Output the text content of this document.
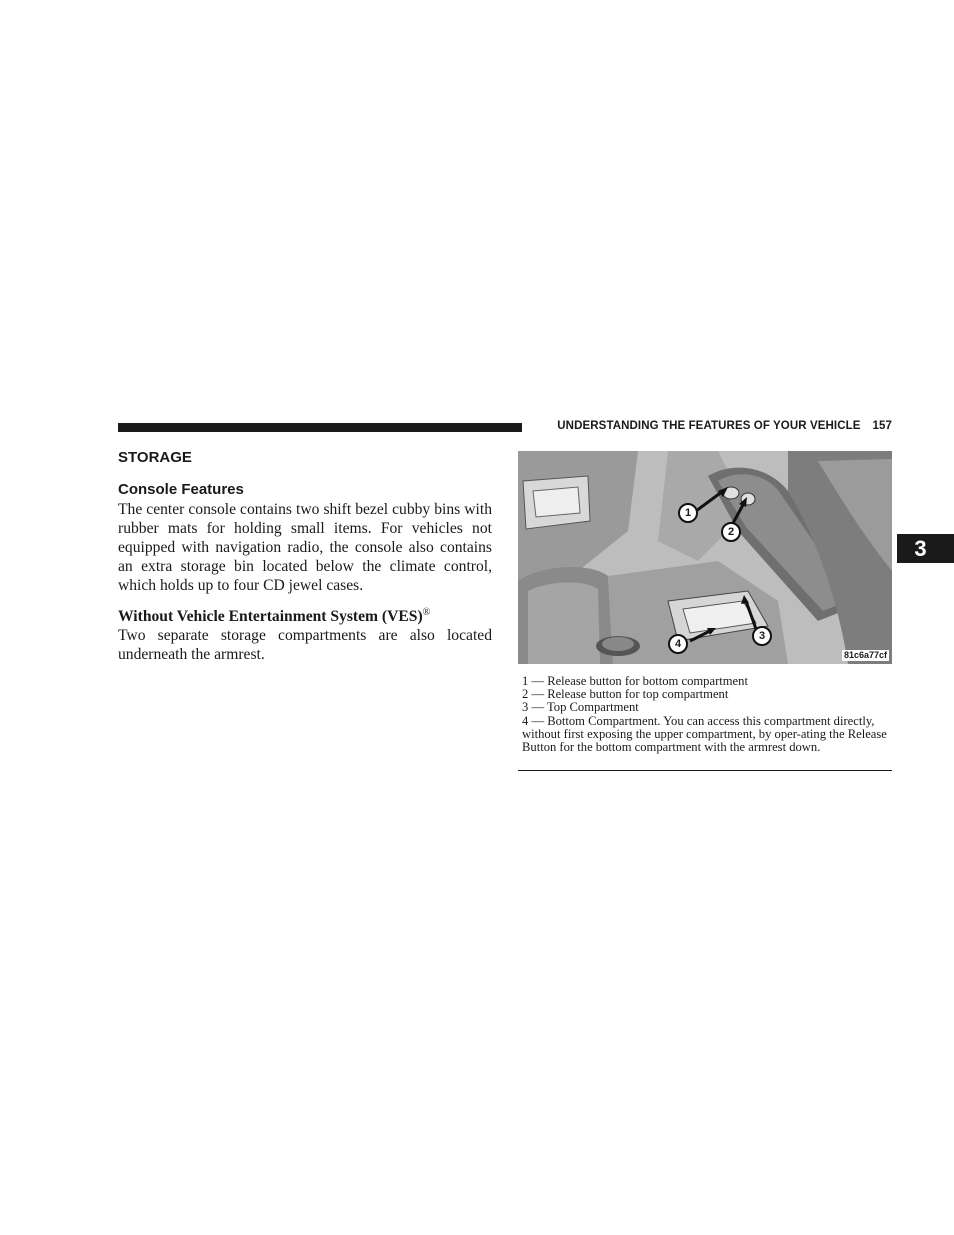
UNDERSTANDING THE FEATURES OF YOUR VEHICLE 157
STORAGE
Console Features

The center console contains two shift bezel cubby bins with rubber mats for holding small items. For vehicles not equipped with navigation radio, the console also contains an extra storage bin located below the climate control, which holds up to four CD jewel cases.

Without Vehicle Entertainment System (VES)®

Two separate storage compartments are also located underneath the armrest.

1
2
3
4
81c6a77cf
1 — Release button for bottom compartment
2 — Release button for top compartment
3 — Top Compartment
4 — Bottom Compartment. You can access this compartment directly, without first exposing the upper compartment, by oper-ating the Release Button for the bottom compartment with the armrest down.
3
